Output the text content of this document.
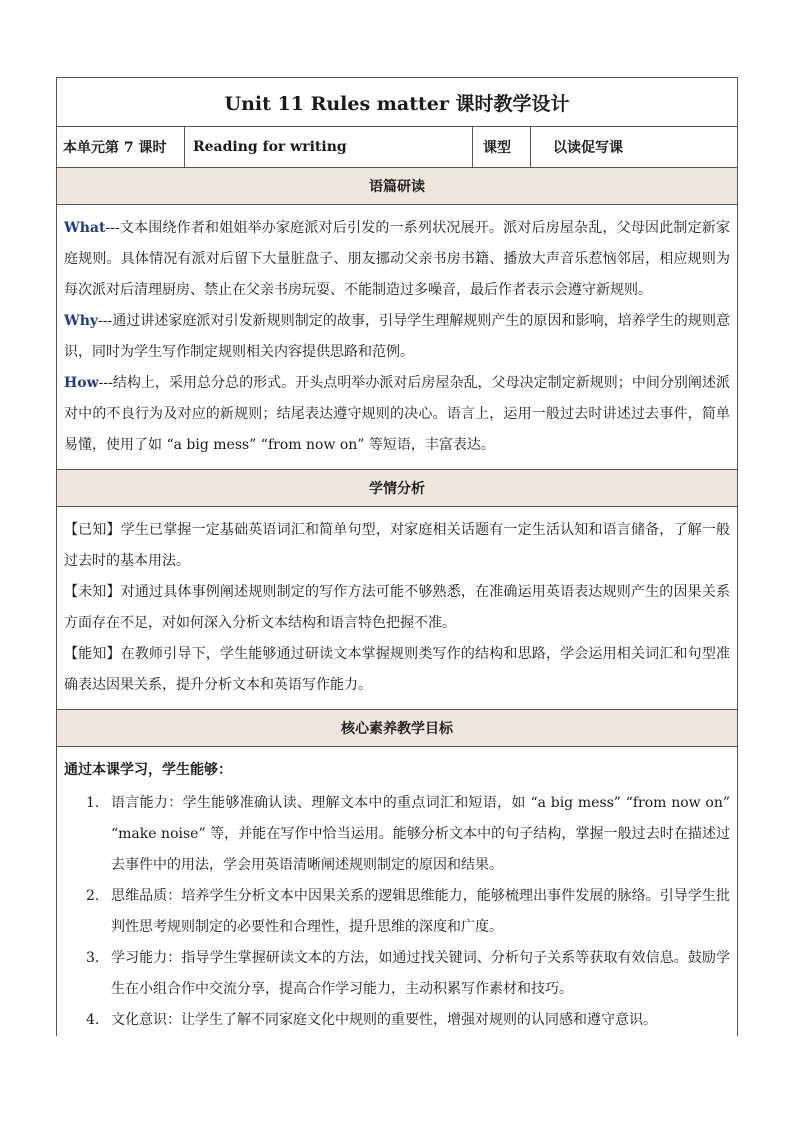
Unit 11 Rules matter 课时教学设计
本单元第 7 课时	Reading for writing	课型	以读促写课
语篇研读

What---文本围绕作者和姐姐举办家庭派对后引发的一系列状况展开。派对后房屋杂乱，父母因此制定新家庭规则。具体情况有派对后留下大量脏盘子、朋友挪动父亲书房书籍、播放大声音乐惹恼邻居，相应规则为每次派对后清理厨房、禁止在父亲书房玩耍、不能制造过多噪音，最后作者表示会遵守新规则。

Why---通过讲述家庭派对引发新规则制定的故事，引导学生理解规则产生的原因和影响，培养学生的规则意识，同时为学生写作制定规则相关内容提供思路和范例。

How---结构上，采用总分总的形式。开头点明举办派对后房屋杂乱，父母决定制定新规则；中间分别阐述派对中的不良行为及对应的新规则；结尾表达遵守规则的决心。语言上，运用一般过去时讲述过去事件，简单易懂，使用了如 “a big mess” “from now on” 等短语，丰富表达。

学情分析

【已知】学生已掌握一定基础英语词汇和简单句型，对家庭相关话题有一定生活认知和语言储备，了解一般过去时的基本用法。

【未知】对通过具体事例阐述规则制定的写作方法可能不够熟悉，在准确运用英语表达规则产生的因果关系方面存在不足，对如何深入分析文本结构和语言特色把握不准。

【能知】在教师引导下，学生能够通过研读文本掌握规则类写作的结构和思路，学会运用相关词汇和句型准确表达因果关系，提升分析文本和英语写作能力。

核心素养教学目标

通过本课学习，学生能够：

1. 语言能力：学生能够准确认读、理解文本中的重点词汇和短语，如 “a big mess” “from now on” “make noise” 等，并能在写作中恰当运用。能够分析文本中的句子结构，掌握一般过去时在描述过去事件中的用法，学会用英语清晰阐述规则制定的原因和结果。
2. 思维品质：培养学生分析文本中因果关系的逻辑思维能力，能够梳理出事件发展的脉络。引导学生批判性思考规则制定的必要性和合理性，提升思维的深度和广度。
3. 学习能力：指导学生掌握研读文本的方法，如通过找关键词、分析句子关系等获取有效信息。鼓励学生在小组合作中交流分享，提高合作学习能力，主动积累写作素材和技巧。
4. 文化意识：让学生了解不同家庭文化中规则的重要性，增强对规则的认同感和遵守意识。
